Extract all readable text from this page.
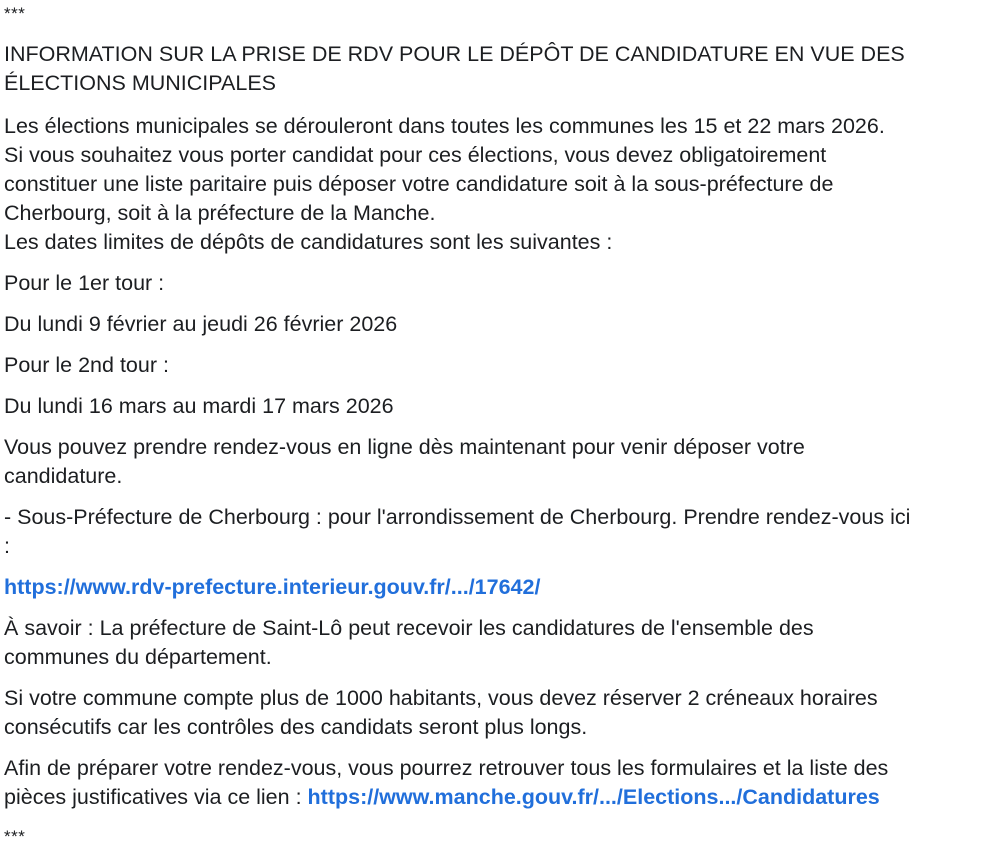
***
INFORMATION SUR LA PRISE DE RDV POUR LE DÉPÔT DE CANDIDATURE EN VUE DES
ÉLECTIONS MUNICIPALES
Les élections municipales se dérouleront dans toutes les communes les 15 et 22 mars 2026.
Si vous souhaitez vous porter candidat pour ces élections, vous devez obligatoirement
constituer une liste paritaire puis déposer votre candidature soit à la sous-préfecture de
Cherbourg, soit à la préfecture de la Manche.
Les dates limites de dépôts de candidatures sont les suivantes :
Pour le 1er tour :
Du lundi 9 février au jeudi 26 février 2026
Pour le 2nd tour :
Du lundi 16 mars au mardi 17 mars 2026
Vous pouvez prendre rendez-vous en ligne dès maintenant pour venir déposer votre
candidature.
- Sous-Préfecture de Cherbourg : pour l'arrondissement de Cherbourg. Prendre rendez-vous ici
:
https://www.rdv-prefecture.interieur.gouv.fr/.../17642/
À savoir : La préfecture de Saint-Lô peut recevoir les candidatures de l'ensemble des
communes du département.
Si votre commune compte plus de 1000 habitants, vous devez réserver 2 créneaux horaires
consécutifs car les contrôles des candidats seront plus longs.
Afin de préparer votre rendez-vous, vous pourrez retrouver tous les formulaires et la liste des
pièces justificatives via ce lien : https://www.manche.gouv.fr/.../Elections.../Candidatures
***
